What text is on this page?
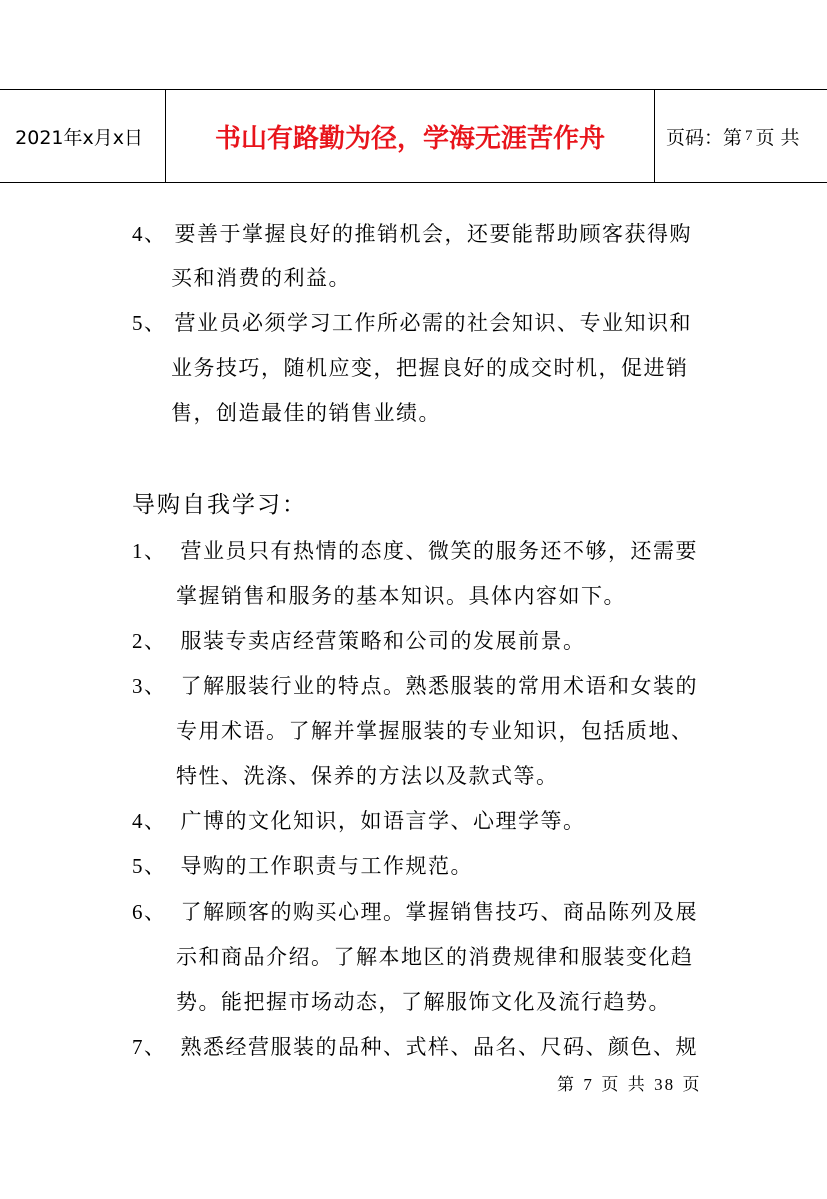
2021年x月x日	书山有路勤为径，学海无涯苦作舟	页码：第 7 页 共
4、 要善于掌握良好的推销机会，还要能帮助顾客获得购
买和消费的利益。
5、 营业员必须学习工作所必需的社会知识、专业知识和
业务技巧，随机应变，把握良好的成交时机，促进销
售，创造最佳的销售业绩。
导购自我学习：
1、 营业员只有热情的态度、微笑的服务还不够，还需要
掌握销售和服务的基本知识。具体内容如下。
2、 服装专卖店经营策略和公司的发展前景。
3、 了解服装行业的特点。熟悉服装的常用术语和女装的
专用术语。了解并掌握服装的专业知识，包括质地、
特性、洗涤、保养的方法以及款式等。
4、 广博的文化知识，如语言学、心理学等。
5、 导购的工作职责与工作规范。
6、 了解顾客的购买心理。掌握销售技巧、商品陈列及展
示和商品介绍。了解本地区的消费规律和服装变化趋
势。能把握市场动态，了解服饰文化及流行趋势。
7、 熟悉经营服装的品种、式样、品名、尺码、颜色、规
第 7 页 共 38 页
